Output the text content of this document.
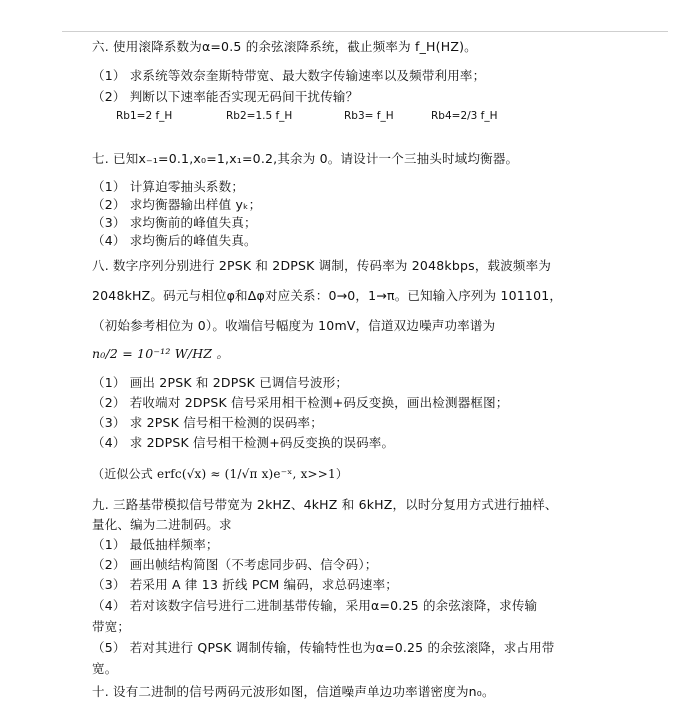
六. 使用滚降系数为α=0.5 的余弦滚降系统，截止频率为 f_H(HZ)。
（1） 求系统等效奈奎斯特带宽、最大数字传输速率以及频带利用率；
（2） 判断以下速率能否实现无码间干扰传输？
Rb1=2 f_H	Rb2=1.5 f_H	Rb3= f_H	Rb4=2/3 f_H
七. 已知x₋₁=0.1,x₀=1,x₁=0.2,其余为 0。请设计一个三抽头时域均衡器。
（1） 计算迫零抽头系数；
（2） 求均衡器输出样值 yₖ；
（3） 求均衡前的峰值失真；
（4） 求均衡后的峰值失真。
八. 数字序列分别进行 2PSK 和 2DPSK 调制，传码率为 2048kbps，载波频率为
2048kHZ。码元与相位φ和Δφ对应关系：0→0，1→π。已知输入序列为 101101，
（初始参考相位为 0）。收端信号幅度为 10mV，信道双边噪声功率谱为
n₀/2 = 10⁻¹² W/HZ 。
（1） 画出 2PSK 和 2DPSK 已调信号波形；
（2） 若收端对 2DPSK 信号采用相干检测+码反变换，画出检测器框图；
（3） 求 2PSK 信号相干检测的误码率；
（4） 求 2DPSK 信号相干检测+码反变换的误码率。
（近似公式 erfc(√x) ≈ (1/√π x)e⁻ˣ, x>>1）
九. 三路基带模拟信号带宽为 2kHZ、4kHZ 和 6kHZ，以时分复用方式进行抽样、
量化、编为二进制码。求
（1） 最低抽样频率；
（2） 画出帧结构简图（不考虑同步码、信令码）；
（3） 若采用 A 律 13 折线 PCM 编码，求总码速率；
（4） 若对该数字信号进行二进制基带传输，采用α=0.25 的余弦滚降，求传输
带宽；
（5） 若对其进行 QPSK 调制传输，传输特性也为α=0.25 的余弦滚降，求占用带
宽。
十. 设有二进制的信号两码元波形如图，信道噪声单边功率谱密度为n₀。
